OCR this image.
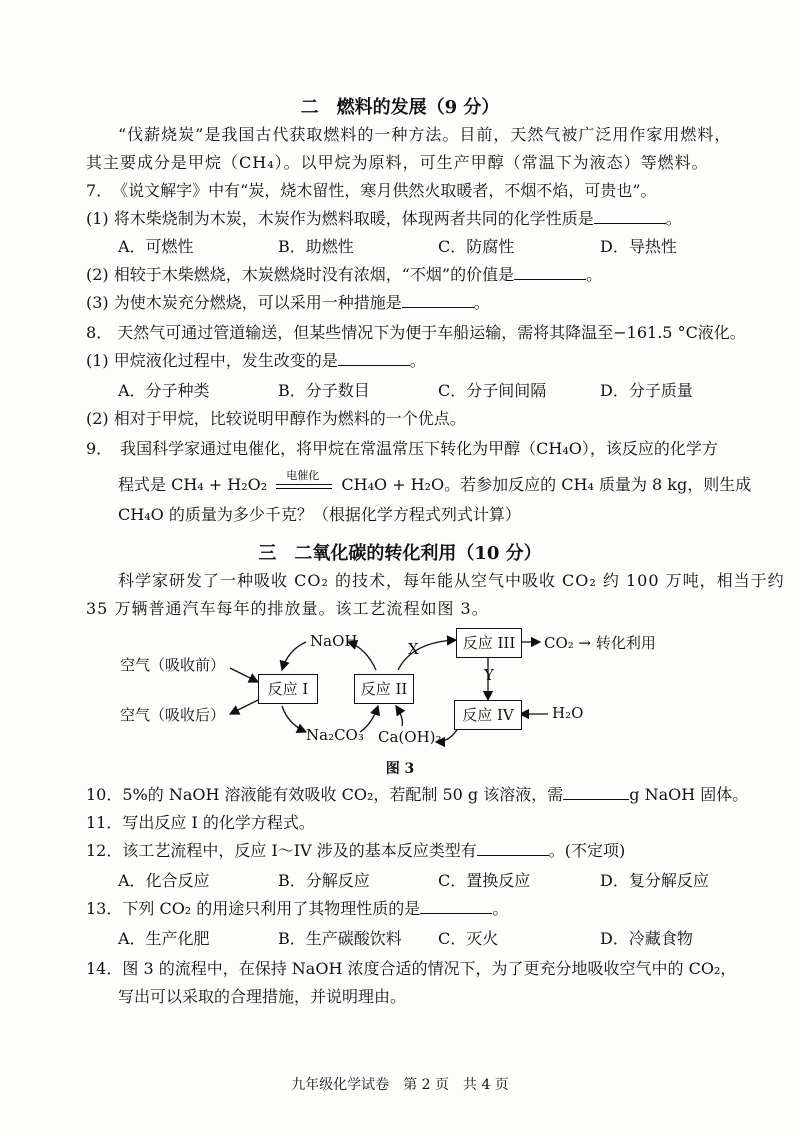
二　燃料的发展（9 分）
“伐薪烧炭”是我国古代获取燃料的一种方法。目前，天然气被广泛用作家用燃料，
其主要成分是甲烷（CH₄）。以甲烷为原料，可生产甲醇（常温下为液态）等燃料。
7．　《说文解字》中有“炭，烧木留性，寒月供然火取暖者，不烟不焰，可贵也”。
(1) 将木柴烧制为木炭，木炭作为燃料取暖，体现两者共同的化学性质是	。
A．可燃性	B．助燃性	C．防腐性	D．导热性
(2) 相较于木柴燃烧，木炭燃烧时没有浓烟，“不烟”的价值是	。
(3) 为使木炭充分燃烧，可以采用一种措施是	。
8． 天然气可通过管道输送，但某些情况下为便于车船运输，需将其降温至−161.5 °C液化。
(1) 甲烷液化过程中，发生改变的是	。
A．分子种类	B．分子数目	C．分子间间隔	D．分子质量
(2) 相对于甲烷，比较说明甲醇作为燃料的一个优点。
9．　我国科学家通过电催化，将甲烷在常温常压下转化为甲醇（CH₄O），该反应的化学方
程式是 CH₄ + H₂O₂ 电催化 CH₄O + H₂O。若参加反应的 CH₄ 质量为 8 kg，则生成
CH₄O 的质量为多少千克？（根据化学方程式列式计算）
三　二氧化碳的转化利用（10 分）
科学家研发了一种吸收 CO₂ 的技术，每年能从空气中吸收 CO₂ 约 100 万吨，相当于约
35 万辆普通汽车每年的排放量。该工艺流程如图 3。
空气（吸收前）
空气（吸收后）
反应 I	反应 II
反应 III
反应 IV
NaOH
Na₂CO₃ Ca(OH)₂
X
Y
CO₂ → 转化利用
H₂O
图 3
10．5%的 NaOH 溶液能有效吸收 CO₂，若配制 50 g 该溶液，需	g NaOH 固体。
11．写出反应 I 的化学方程式。
12．该工艺流程中，反应 I～IV 涉及的基本反应类型有	。(不定项)
A．化合反应	B．分解反应	C．置换反应	D．复分解反应
13．下列 CO₂ 的用途只利用了其物理性质的是	。
A．生产化肥	B．生产碳酸饮料	C．灭火	D．冷藏食物
14．图 3 的流程中，在保持 NaOH 浓度合适的情况下，为了更充分地吸收空气中的 CO₂，
写出可以采取的合理措施，并说明理由。
九年级化学试卷　第 2 页　共 4 页
